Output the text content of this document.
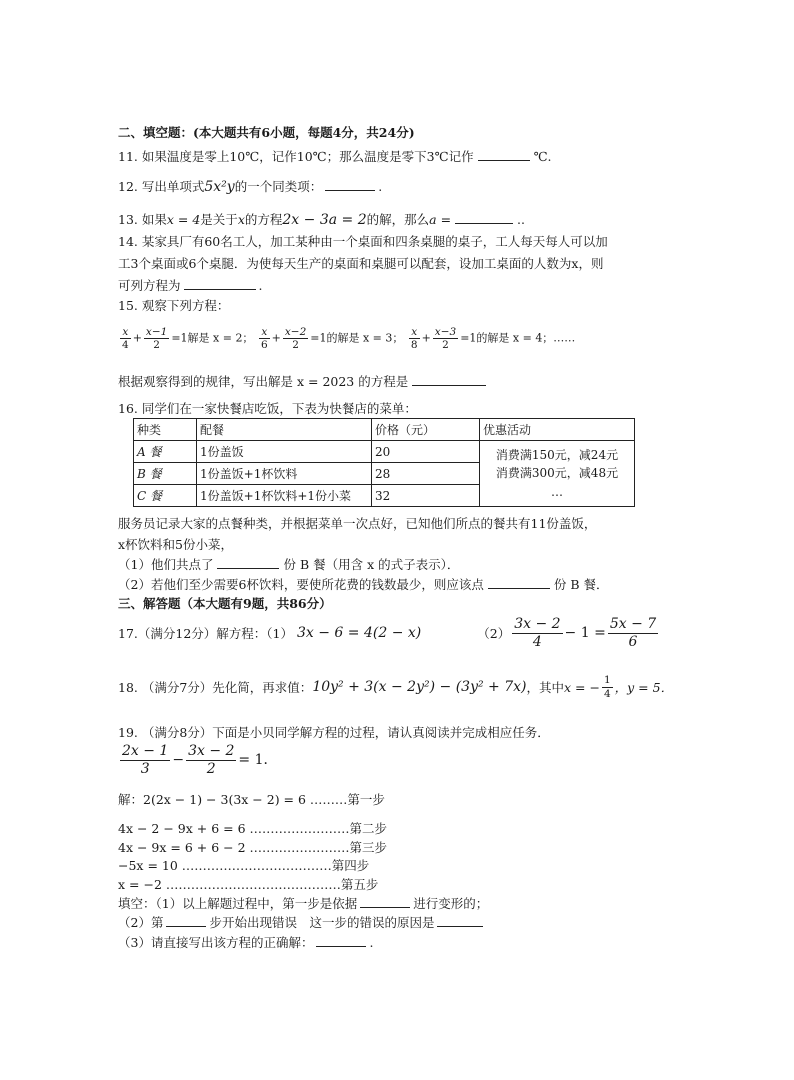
二、填空题：(本大题共有6小题，每题4分，共24分)
11. 如果温度是零上10℃，记作10℃；那么温度是零下3℃记作	℃.
12. 写出单项式5x²y的一个同类项：	.
13. 如果x = 4是关于x的方程2x − 3a = 2的解，那么a =	..
14. 某家具厂有60名工人，加工某种由一个桌面和四条桌腿的桌子，工人每天每人可以加
工3个桌面或6个桌腿．为使每天生产的桌面和桌腿可以配套，设加工桌面的人数为x，则
可列方程为	.
15. 观察下列方程：
$\frac{x}{4} + \frac{x-1}{2} =1$解是 x = 2； $\frac{x}{6} + \frac{x-2}{2} =1$的解是 x = 3； $\frac{x}{8} + \frac{x-3}{2} =1$的解是 x = 4；……
根据观察得到的规律，写出解是 x = 2023 的方程是
16. 同学们在一家快餐店吃饭，下表为快餐店的菜单：
种类	配餐	价格（元）	优惠活动
A 餐	1份盖饭	20	消费满150元，减24元
消费满300元，减48元
…

B 餐	1份盖饭+1杯饮料	28	
C 餐	1份盖饭+1杯饮料+1份小菜	32	
服务员记录大家的点餐种类，并根据菜单一次点好，已知他们所点的餐共有11份盖饭，
x杯饮料和5份小菜，
（1）他们共点了	份 B 餐（用含 x 的式子表示）．
（2）若他们至少需要6杯饮料，要使所花费的钱数最少，则应该点	份 B 餐．
三、解答题（本大题有9题，共86分）
17.（满分12分）解方程：（1） 3x − 6 = 4(2 − x)	$(2) \frac{3x - 2}{4} - 1 = \frac{5x - 7}{6}$
18. （满分7分）先化简，再求值： 10y² + 3(x − 2y²) − (3y² + 7x) ，其中 x = − $\frac{1}{4}$ ，y = 5．
19. （满分8分）下面是小贝同学解方程的过程，请认真阅读并完成相应任务．
$\frac{2x - 1}{3} - \frac{3x - 2}{2} = 1$．
解：2(2x − 1) − 3(3x − 2) = 6 ………第一步
4x − 2 − 9x + 6 = 6 ……………………第二步
4x − 9x = 6 + 6 − 2 ……………………第三步
−5x = 10 ………………………………第四步
x = −2 ……………………………………第五步
填空：（1）以上解题过程中，第一步是依据	进行变形的；
（2）第	步开始出现错误　这一步的错误的原因是
（3）请直接写出该方程的正确解：	.
